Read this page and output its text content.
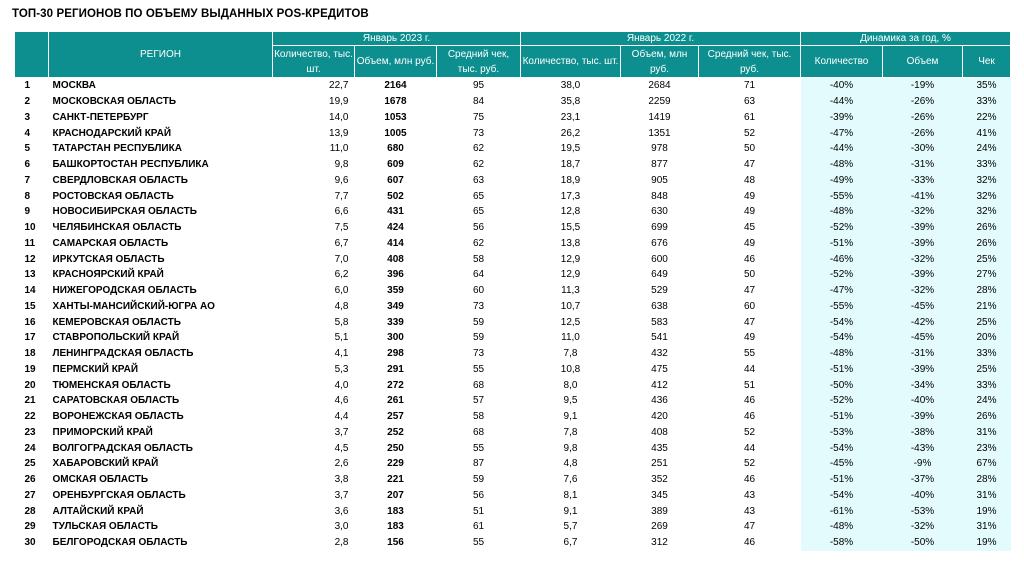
ТОП-30 РЕГИОНОВ ПО ОБЪЕМУ ВЫДАННЫХ POS-КРЕДИТОВ
	РЕГИОН	Январь 2023 г.			Январь 2022 г.			Динамика за год, %		
		Количество, тыс. шт.	Объем, млн руб.	Средний чек, тыс. руб.	Количество, тыс. шт.	Объем, млн руб.	Средний чек, тыс. руб.	Количество	Объем	Чек
1	МОСКВА	22,7	2164	95	38,0	2684	71	-40%	-19%	35%
2	МОСКОВСКАЯ ОБЛАСТЬ	19,9	1678	84	35,8	2259	63	-44%	-26%	33%
3	САНКТ-ПЕТЕРБУРГ	14,0	1053	75	23,1	1419	61	-39%	-26%	22%
4	КРАСНОДАРСКИЙ КРАЙ	13,9	1005	73	26,2	1351	52	-47%	-26%	41%
5	ТАТАРСТАН РЕСПУБЛИКА	11,0	680	62	19,5	978	50	-44%	-30%	24%
6	БАШКОРТОСТАН РЕСПУБЛИКА	9,8	609	62	18,7	877	47	-48%	-31%	33%
7	СВЕРДЛОВСКАЯ ОБЛАСТЬ	9,6	607	63	18,9	905	48	-49%	-33%	32%
8	РОСТОВСКАЯ ОБЛАСТЬ	7,7	502	65	17,3	848	49	-55%	-41%	32%
9	НОВОСИБИРСКАЯ ОБЛАСТЬ	6,6	431	65	12,8	630	49	-48%	-32%	32%
10	ЧЕЛЯБИНСКАЯ ОБЛАСТЬ	7,5	424	56	15,5	699	45	-52%	-39%	26%
11	САМАРСКАЯ ОБЛАСТЬ	6,7	414	62	13,8	676	49	-51%	-39%	26%
12	ИРКУТСКАЯ ОБЛАСТЬ	7,0	408	58	12,9	600	46	-46%	-32%	25%
13	КРАСНОЯРСКИЙ КРАЙ	6,2	396	64	12,9	649	50	-52%	-39%	27%
14	НИЖЕГОРОДСКАЯ ОБЛАСТЬ	6,0	359	60	11,3	529	47	-47%	-32%	28%
15	ХАНТЫ-МАНСИЙСКИЙ-ЮГРА АО	4,8	349	73	10,7	638	60	-55%	-45%	21%
16	КЕМЕРОВСКАЯ ОБЛАСТЬ	5,8	339	59	12,5	583	47	-54%	-42%	25%
17	СТАВРОПОЛЬСКИЙ КРАЙ	5,1	300	59	11,0	541	49	-54%	-45%	20%
18	ЛЕНИНГРАДСКАЯ ОБЛАСТЬ	4,1	298	73	7,8	432	55	-48%	-31%	33%
19	ПЕРМСКИЙ КРАЙ	5,3	291	55	10,8	475	44	-51%	-39%	25%
20	ТЮМЕНСКАЯ ОБЛАСТЬ	4,0	272	68	8,0	412	51	-50%	-34%	33%
21	САРАТОВСКАЯ ОБЛАСТЬ	4,6	261	57	9,5	436	46	-52%	-40%	24%
22	ВОРОНЕЖСКАЯ ОБЛАСТЬ	4,4	257	58	9,1	420	46	-51%	-39%	26%
23	ПРИМОРСКИЙ КРАЙ	3,7	252	68	7,8	408	52	-53%	-38%	31%
24	ВОЛГОГРАДСКАЯ ОБЛАСТЬ	4,5	250	55	9,8	435	44	-54%	-43%	23%
25	ХАБАРОВСКИЙ КРАЙ	2,6	229	87	4,8	251	52	-45%	-9%	67%
26	ОМСКАЯ ОБЛАСТЬ	3,8	221	59	7,6	352	46	-51%	-37%	28%
27	ОРЕНБУРГСКАЯ ОБЛАСТЬ	3,7	207	56	8,1	345	43	-54%	-40%	31%
28	АЛТАЙСКИЙ КРАЙ	3,6	183	51	9,1	389	43	-61%	-53%	19%
29	ТУЛЬСКАЯ ОБЛАСТЬ	3,0	183	61	5,7	269	47	-48%	-32%	31%
30	БЕЛГОРОДСКАЯ ОБЛАСТЬ	2,8	156	55	6,7	312	46	-58%	-50%	19%
